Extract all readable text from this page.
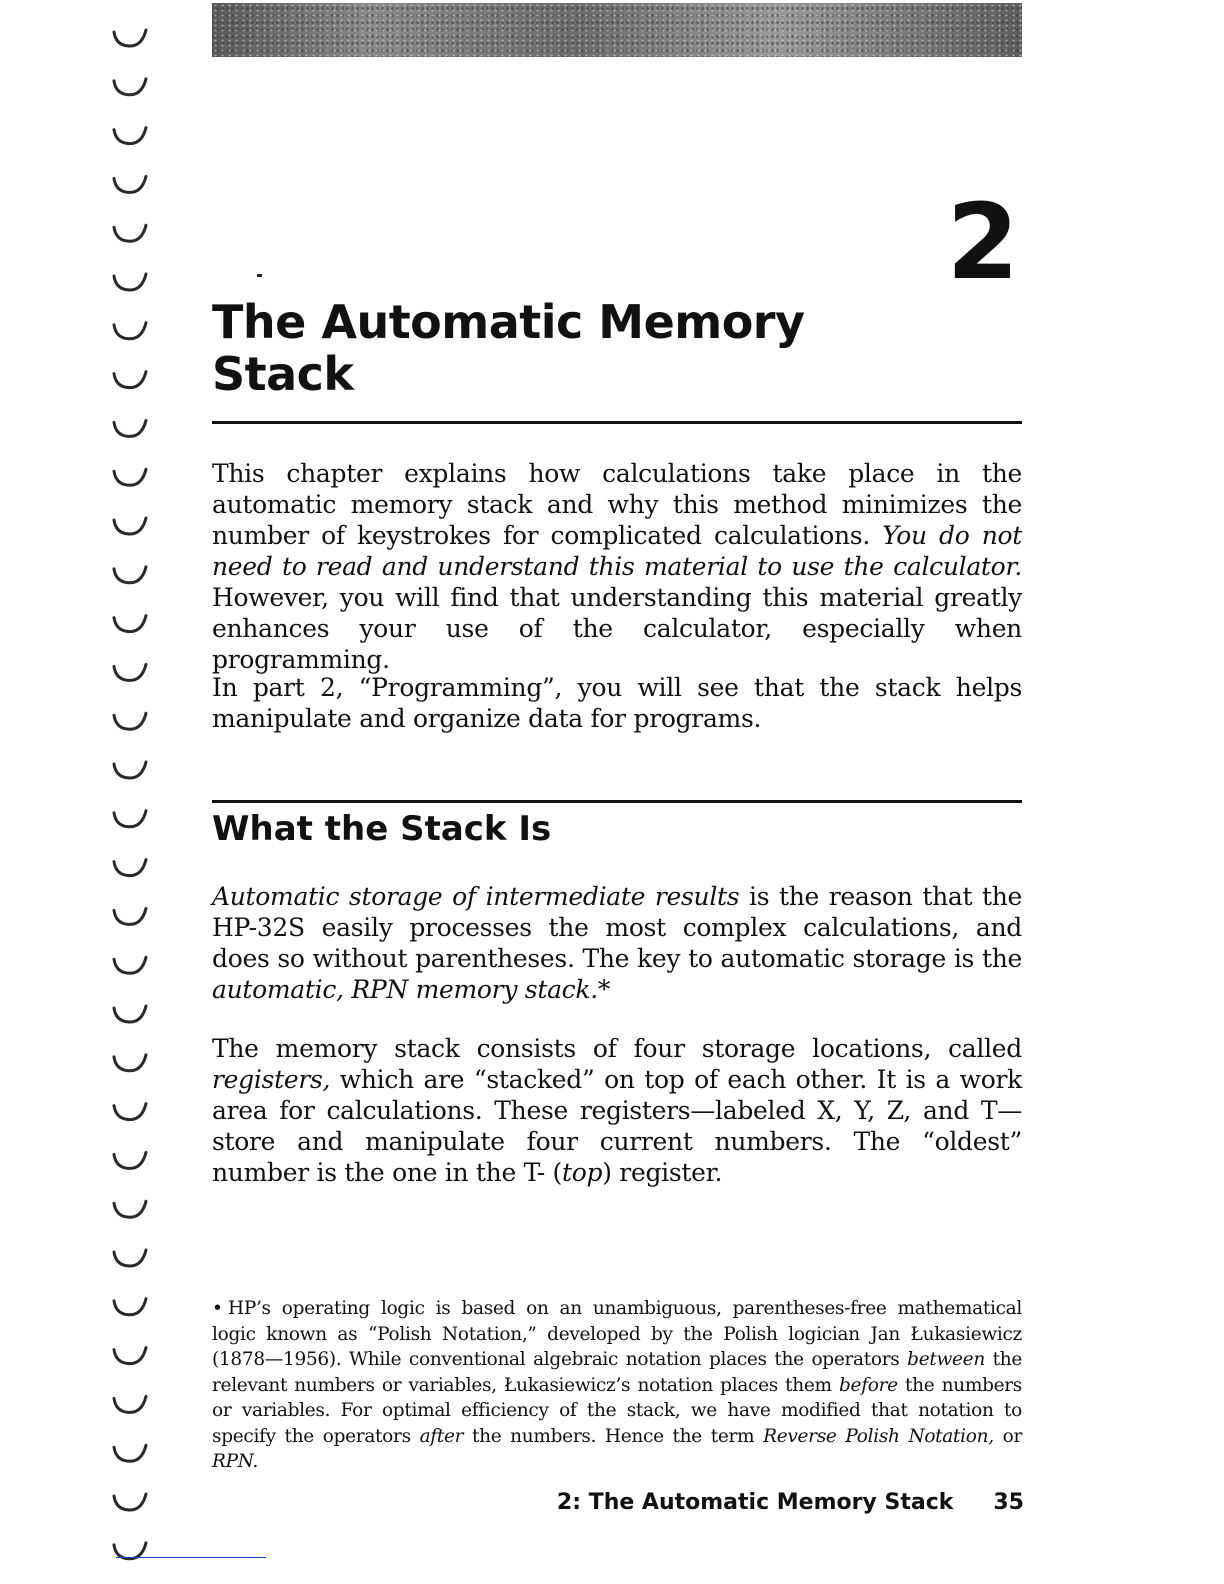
2
The Automatic Memory
Stack

This chapter explains how calculations take place in the automatic memory stack and why this method minimizes the number of keystrokes for complicated calculations. You do not need to read and understand this material to use the calculator. However, you will find that understanding this material greatly enhances your use of the calculator, especially when programming.

In part 2, “Programming”, you will see that the stack helps manipulate and organize data for programs.

What the Stack Is

Automatic storage of intermediate results is the reason that the HP-32S easily processes the most complex calculations, and does so without parentheses. The key to automatic storage is the automatic, RPN memory stack.*

The memory stack consists of four storage locations, called registers, which are “stacked” on top of each other. It is a work area for calculations. These registers—labeled X, Y, Z, and T—store and manipulate four current numbers. The “oldest” number is the one in the T- (top) register.

• HP’s operating logic is based on an unambiguous, parentheses-free mathematical logic known as “Polish Notation,” developed by the Polish logician Jan Łukasiewicz (1878—1956). While conventional algebraic notation places the operators between the relevant numbers or variables, Łukasiewicz’s notation places them before the numbers or variables. For optimal efficiency of the stack, we have modified that notation to specify the operators after the numbers. Hence the term Reverse Polish Notation, or RPN.

2: The Automatic Memory Stack 35
